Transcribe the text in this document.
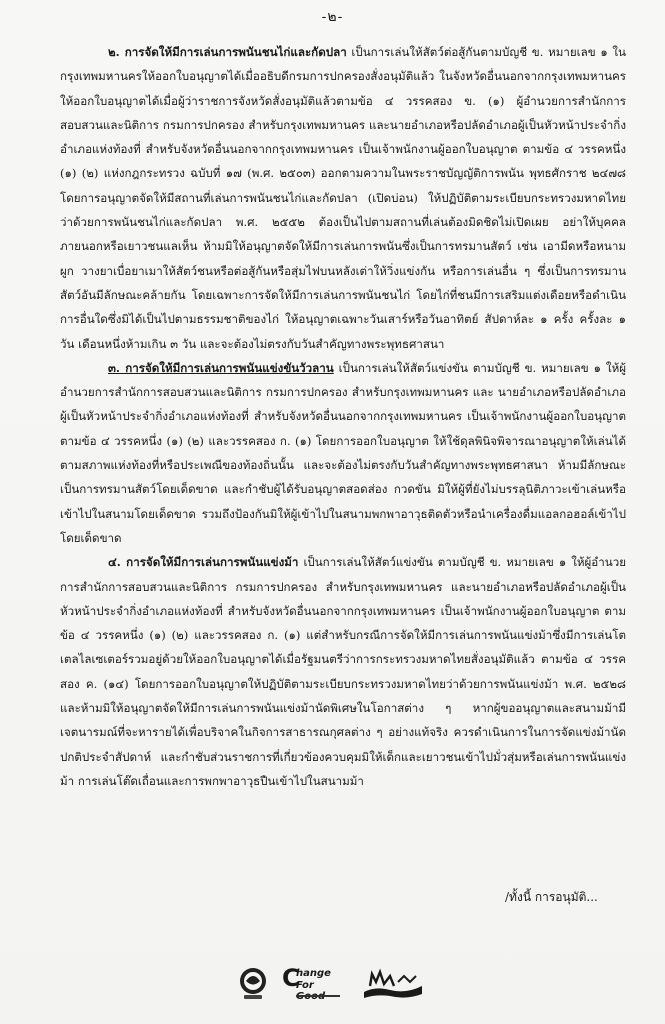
-๒-

๒. การจัดให้มีการเล่นการพนันชนไก่และกัดปลา เป็นการเล่นให้สัตว์ต่อสู้กันตามบัญชี ข. หมายเลข ๑ ในกรุงเทพมหานครให้ออกใบอนุญาตได้เมื่ออธิบดีกรมการปกครองสั่งอนุมัติแล้ว ในจังหวัดอื่นนอกจากกรุงเทพมหานครให้ออกใบอนุญาตได้เมื่อผู้ว่าราชการจังหวัดสั่งอนุมัติแล้วตามข้อ ๔ วรรคสอง ข. (๑) ผู้อำนวยการสำนักการสอบสวนและนิติการ กรมการปกครอง สำหรับกรุงเทพมหานคร และนายอำเภอหรือปลัดอำเภอผู้เป็นหัวหน้าประจำกิ่งอำเภอแห่งท้องที่ สำหรับจังหวัดอื่นนอกจากกรุงเทพมหานคร เป็นเจ้าพนักงานผู้ออกใบอนุญาต ตามข้อ ๔ วรรคหนึ่ง (๑) (๒) แห่งกฎกระทรวง ฉบับที่ ๑๗ (พ.ศ. ๒๕๐๓) ออกตามความในพระราชบัญญัติการพนัน พุทธศักราช ๒๔๗๘ โดยการอนุญาตจัดให้มีสถานที่เล่นการพนันชนไก่และกัดปลา (เปิดบ่อน) ให้ปฏิบัติตามระเบียบกระทรวงมหาดไทยว่าด้วยการพนันชนไก่และกัดปลา พ.ศ. ๒๕๕๒ ต้องเป็นไปตามสถานที่เล่นต้องมิดชิดไม่เปิดเผย อย่าให้บุคคลภายนอกหรือเยาวชนแลเห็น ห้ามมิให้อนุญาตจัดให้มีการเล่นการพนันซึ่งเป็นการทรมานสัตว์ เช่น เอามีดหรือหนามผูก วางยาเบื่อยาเมาให้สัตว์ชนหรือต่อสู้กันหรือสุ่มไฟบนหลังเต่าให้วิ่งแข่งกัน หรือการเล่นอื่น ๆ ซึ่งเป็นการทรมานสัตว์อันมีลักษณะคล้ายกัน โดยเฉพาะการจัดให้มีการเล่นการพนันชนไก่ โดยไก่ที่ชนมีการเสริมแต่งเดือยหรือดำเนินการอื่นใดซึ่งมิได้เป็นไปตามธรรมชาติของไก่ ให้อนุญาตเฉพาะวันเสาร์หรือวันอาทิตย์ สัปดาห์ละ ๑ ครั้ง ครั้งละ ๑ วัน เดือนหนึ่งห้ามเกิน ๓ วัน และจะต้องไม่ตรงกับวันสำคัญทางพระพุทธศาสนา

๓. การจัดให้มีการเล่นการพนันแข่งขันวัวลาน เป็นการเล่นให้สัตว์แข่งขัน ตามบัญชี ข. หมายเลข ๑ ให้ผู้อำนวยการสำนักการสอบสวนและนิติการ กรมการปกครอง สำหรับกรุงเทพมหานคร และ นายอำเภอหรือปลัดอำเภอผู้เป็นหัวหน้าประจำกิ่งอำเภอแห่งท้องที่ สำหรับจังหวัดอื่นนอกจากกรุงเทพมหานคร เป็นเจ้าพนักงานผู้ออกใบอนุญาต ตามข้อ ๔ วรรคหนึ่ง (๑) (๒) และวรรคสอง ก. (๑) โดยการออกใบอนุญาต ให้ใช้ดุลพินิจพิจารณาอนุญาตให้เล่นได้ตามสภาพแห่งท้องที่หรือประเพณีของท้องถิ่นนั้น และจะต้องไม่ตรงกับวันสำคัญทางพระพุทธศาสนา ห้ามมีลักษณะเป็นการทรมานสัตว์โดยเด็ดขาด และกำชับผู้ได้รับอนุญาตสอดส่อง กวดขัน มิให้ผู้ที่ยังไม่บรรลุนิติภาวะเข้าเล่นหรือเข้าไปในสนามโดยเด็ดขาด รวมถึงป้องกันมิให้ผู้เข้าไปในสนามพกพาอาวุธติดตัวหรือนำเครื่องดื่มแอลกอฮอล์เข้าไปโดยเด็ดขาด

๔. การจัดให้มีการเล่นการพนันแข่งม้า เป็นการเล่นให้สัตว์แข่งขัน ตามบัญชี ข. หมายเลข ๑ ให้ผู้อำนวยการสำนักการสอบสวนและนิติการ กรมการปกครอง สำหรับกรุงเทพมหานคร และนายอำเภอหรือปลัดอำเภอผู้เป็นหัวหน้าประจำกิ่งอำเภอแห่งท้องที่ สำหรับจังหวัดอื่นนอกจากกรุงเทพมหานคร เป็นเจ้าพนักงานผู้ออกใบอนุญาต ตามข้อ ๔ วรรคหนึ่ง (๑) (๒) และวรรคสอง ก. (๑) แต่สำหรับกรณีการจัดให้มีการเล่นการพนันแข่งม้าซึ่งมีการเล่นโตเตลไลเซเตอร์รวมอยู่ด้วยให้ออกใบอนุญาตได้เมื่อรัฐมนตรีว่าการกระทรวงมหาดไทยสั่งอนุมัติแล้ว ตามข้อ ๔ วรรคสอง ค. (๑๔) โดยการออกใบอนุญาตให้ปฏิบัติตามระเบียบกระทรวงมหาดไทยว่าด้วยการพนันแข่งม้า พ.ศ. ๒๕๒๘ และห้ามมิให้อนุญาตจัดให้มีการเล่นการพนันแข่งม้านัดพิเศษในโอกาสต่าง ๆ หากผู้ขออนุญาตและสนามม้ามีเจตนารมณ์ที่จะหารายได้เพื่อบริจาคในกิจการสาธารณกุศลต่าง ๆ อย่างแท้จริง ควรดำเนินการในการจัดแข่งม้านัดปกติประจำสัปดาห์ และกำชับส่วนราชการที่เกี่ยวข้องควบคุมมิให้เด็กและเยาวชนเข้าไปมั่วสุ่มหรือเล่นการพนันแข่งม้า การเล่นโต๊ดเถื่อนและการพกพาอาวุธปืนเข้าไปในสนามม้า

/ทั้งนี้ การอนุมัติ...
C
hange
For
